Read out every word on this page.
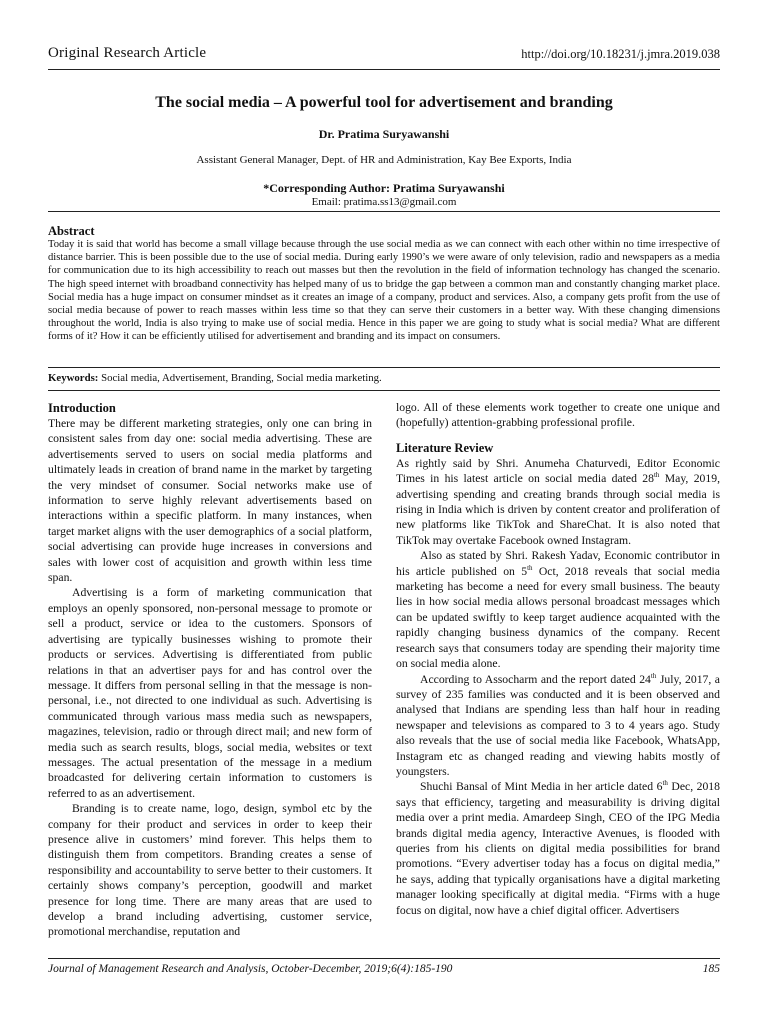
Original Research Article	http://doi.org/10.18231/j.jmra.2019.038
The social media – A powerful tool for advertisement and branding
Dr. Pratima Suryawanshi
Assistant General Manager, Dept. of HR and Administration, Kay Bee Exports, India
*Corresponding Author: Pratima Suryawanshi
Email: pratima.ss13@gmail.com
Abstract
Today it is said that world has become a small village because through the use social media as we can connect with each other within no time irrespective of distance barrier. This is been possible due to the use of social media. During early 1990’s we were aware of only television, radio and newspapers as a media for communication due to its high accessibility to reach out masses but then the revolution in the field of information technology has changed the scenario. The high speed internet with broadband connectivity has helped many of us to bridge the gap between a common man and constantly changing market place. Social media has a huge impact on consumer mindset as it creates an image of a company, product and services. Also, a company gets profit from the use of social media because of power to reach masses within less time so that they can serve their customers in a better way. With these changing dimensions throughout the world, India is also trying to make use of social media. Hence in this paper we are going to study what is social media? What are different forms of it? How it can be efficiently utilised for advertisement and branding and its impact on consumers.
Keywords: Social media, Advertisement, Branding, Social media marketing.
Introduction

There may be different marketing strategies, only one can bring in consistent sales from day one: social media advertising. These are advertisements served to users on social media platforms and ultimately leads in creation of brand name in the market by targeting the very mindset of consumer. Social networks make use of information to serve highly relevant advertisements based on interactions within a specific platform. In many instances, when target market aligns with the user demographics of a social platform, social advertising can provide huge increases in conversions and sales with lower cost of acquisition and growth within less time span.

Advertising is a form of marketing communication that employs an openly sponsored, non-personal message to promote or sell a product, service or idea to the customers. Sponsors of advertising are typically businesses wishing to promote their products or services. Advertising is differentiated from public relations in that an advertiser pays for and has control over the message. It differs from personal selling in that the message is non-personal, i.e., not directed to one individual as such. Advertising is communicated through various mass media such as newspapers, magazines, television, radio or through direct mail; and new form of media such as search results, blogs, social media, websites or text messages. The actual presentation of the message in a medium broadcasted for delivering certain information to customers is referred to as an advertisement.

Branding is to create name, logo, design, symbol etc by the company for their product and services in order to keep their presence alive in customers’ mind forever. This helps them to distinguish them from competitors. Branding creates a sense of responsibility and accountability to serve better to their customers. It certainly shows company’s perception, goodwill and market presence for long time. There are many areas that are used to develop a brand including advertising, customer service, promotional merchandise, reputation and

logo. All of these elements work together to create one unique and (hopefully) attention-grabbing professional profile.

Literature Review

As rightly said by Shri. Anumeha Chaturvedi, Editor Economic Times in his latest article on social media dated 28th May, 2019, advertising spending and creating brands through social media is rising in India which is driven by content creator and proliferation of new platforms like TikTok and ShareChat. It is also noted that TikTok may overtake Facebook owned Instagram.

Also as stated by Shri. Rakesh Yadav, Economic contributor in his article published on 5th Oct, 2018 reveals that social media marketing has become a need for every small business. The beauty lies in how social media allows personal broadcast messages which can be updated swiftly to keep target audience acquainted with the rapidly changing business dynamics of the company. Recent research says that consumers today are spending their majority time on social media alone.

According to Assocharm and the report dated 24th July, 2017, a survey of 235 families was conducted and it is been observed and analysed that Indians are spending less than half hour in reading newspaper and televisions as compared to 3 to 4 years ago. Study also reveals that the use of social media like Facebook, WhatsApp, Instagram etc as changed reading and viewing habits mostly of youngsters.

Shuchi Bansal of Mint Media in her article dated 6th Dec, 2018 says that efficiency, targeting and measurability is driving digital media over a print media. Amardeep Singh, CEO of the IPG Media brands digital media agency, Interactive Avenues, is flooded with queries from his clients on digital media possibilities for brand promotions. “Every advertiser today has a focus on digital media,” he says, adding that typically organisations have a digital marketing manager looking specifically at digital media. “Firms with a huge focus on digital, now have a chief digital officer. Advertisers

Journal of Management Research and Analysis, October-December, 2019;6(4):185-190	185
